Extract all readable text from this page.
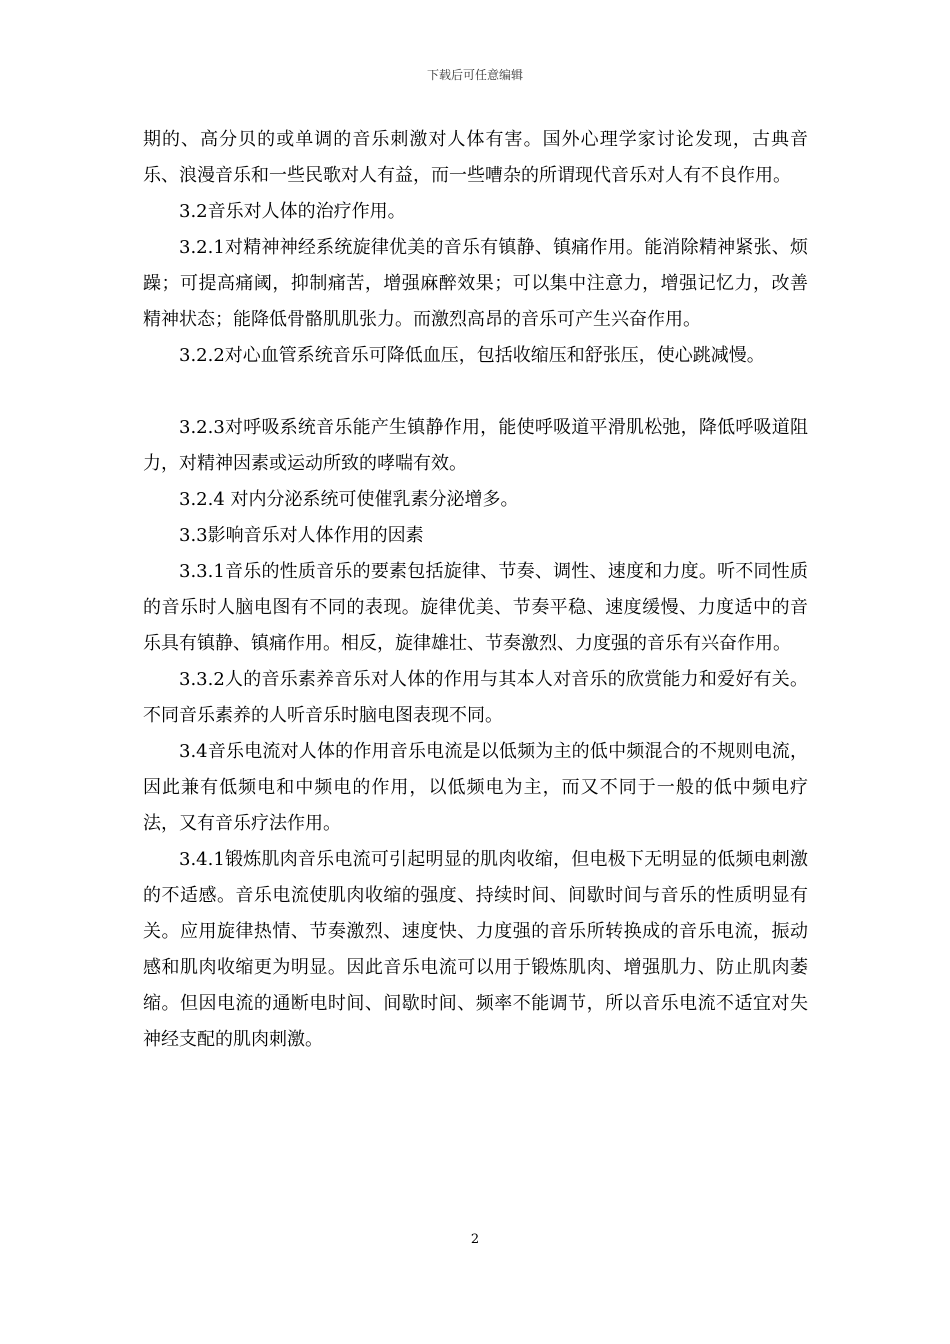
下载后可任意编辑

期的、高分贝的或单调的音乐刺激对人体有害。国外心理学家讨论发现，古典音乐、浪漫音乐和一些民歌对人有益，而一些嘈杂的所谓现代音乐对人有不良作用。

3.2音乐对人体的治疗作用。

3.2.1对精神神经系统旋律优美的音乐有镇静、镇痛作用。能消除精神紧张、烦躁；可提高痛阈，抑制痛苦，增强麻醉效果；可以集中注意力，增强记忆力，改善精神状态；能降低骨骼肌肌张力。而激烈高昂的音乐可产生兴奋作用。

3.2.2对心血管系统音乐可降低血压，包括收缩压和舒张压，使心跳减慢。

3.2.3对呼吸系统音乐能产生镇静作用，能使呼吸道平滑肌松弛，降低呼吸道阻力，对精神因素或运动所致的哮喘有效。

3.2.4 对内分泌系统可使催乳素分泌增多。

3.3影响音乐对人体作用的因素

3.3.1音乐的性质音乐的要素包括旋律、节奏、调性、速度和力度。听不同性质的音乐时人脑电图有不同的表现。旋律优美、节奏平稳、速度缓慢、力度适中的音乐具有镇静、镇痛作用。相反，旋律雄壮、节奏激烈、力度强的音乐有兴奋作用。

3.3.2人的音乐素养音乐对人体的作用与其本人对音乐的欣赏能力和爱好有关。不同音乐素养的人听音乐时脑电图表现不同。

3.4音乐电流对人体的作用音乐电流是以低频为主的低中频混合的不规则电流，因此兼有低频电和中频电的作用，以低频电为主，而又不同于一般的低中频电疗法，又有音乐疗法作用。

3.4.1锻炼肌肉音乐电流可引起明显的肌肉收缩，但电极下无明显的低频电刺激的不适感。音乐电流使肌肉收缩的强度、持续时间、间歇时间与音乐的性质明显有关。应用旋律热情、节奏激烈、速度快、力度强的音乐所转换成的音乐电流，振动感和肌肉收缩更为明显。因此音乐电流可以用于锻炼肌肉、增强肌力、防止肌肉萎缩。但因电流的通断电时间、间歇时间、频率不能调节，所以音乐电流不适宜对失神经支配的肌肉刺激。

2
